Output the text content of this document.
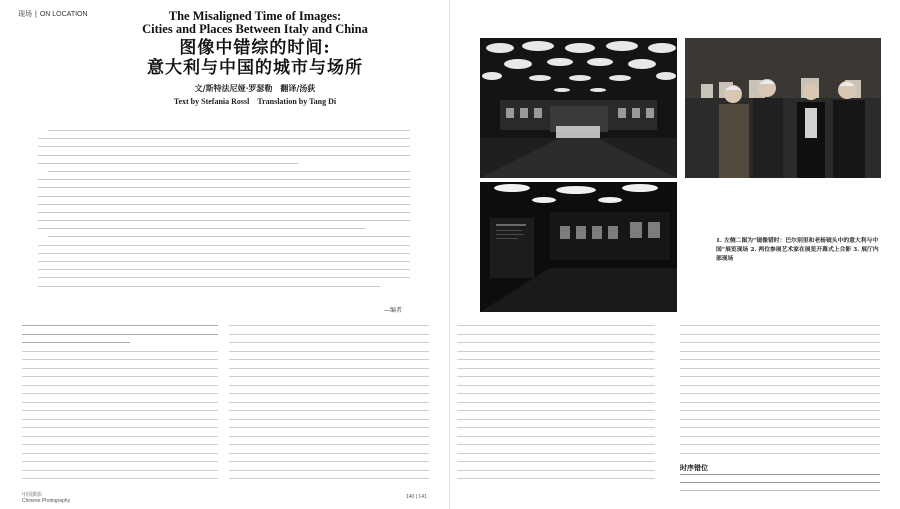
现场 | ON LOCATION	The Misaligned Time of Images:
Cities and Places Between Italy and China
图像中错综的时间:
意大利与中国的城市与场所
文/斯特法尼娅·罗瑟勒　翻译/汤荻
Text by Stefania Rossl　Translation by Tang Di
—编者
时序错位
1. 左侧二图为“镜像错时：巴尔别里和老杨镜头中的意大利与中国”展览现场 2. 两位参展艺术家在展览开幕式上合影 3. 展厅内部现场
中国摄影
Chinese Photography
140 | 141
